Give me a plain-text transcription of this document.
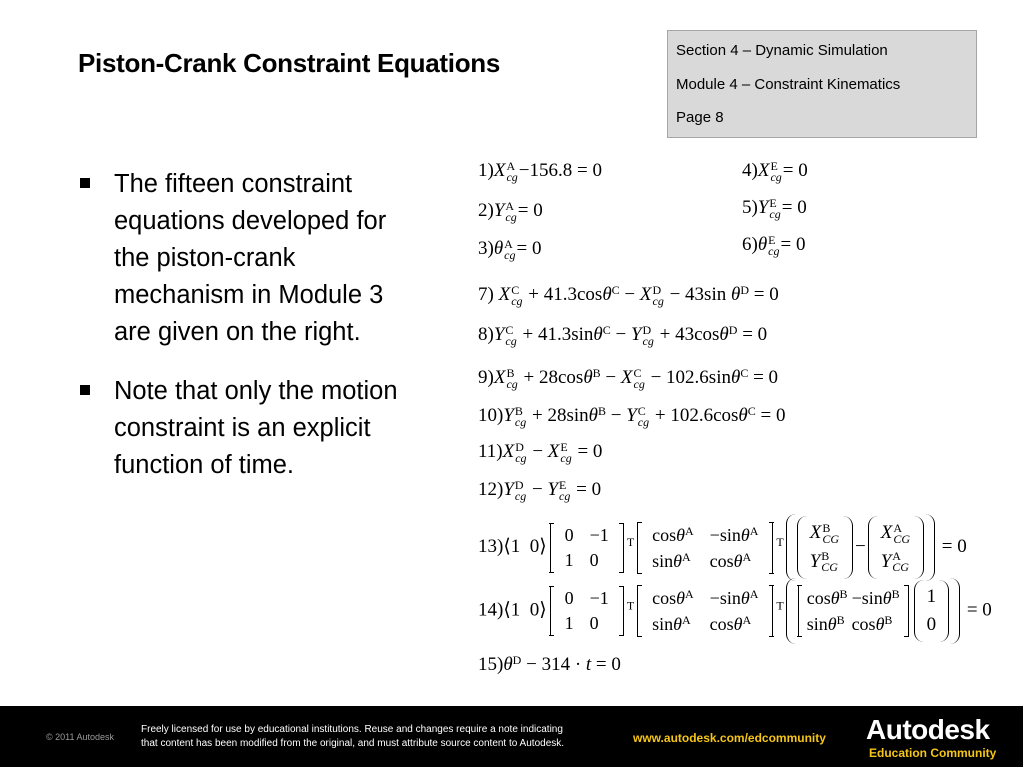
Piston-Crank Constraint Equations	Section 4 – Dynamic Simulation
Module 4 – Constraint Kinematics
Page 8
The fifteen constraint equations developed for the piston-crank mechanism in Module 3 are given on the right.
Note that only the motion constraint is an explicit function of time.
1)X A
cg −156.8 = 0
2)Y A
cg = 0
3)θ A
cg = 0
4)X E
cg = 0
5)Y E
cg = 0
6)θ E
cg = 0
7) X C
cg + 41.3cosθ$^C$ − X D
cg − 43sin $\theta^D = 0$
8)Y C
cg + 41.3sinθ$^C$ − Y D
cg + 43cosθ$^D$ = 0
9)X B
cg + 28cosθ$^B$ − X C
cg − 102.6sinθ$^C$ = 0
10)Y B
cg + 28sinθ$^B$ − Y C
cg + 102.6cosθ$^C$ = 0
11)X D
cg − X E
cg = 0
12)Y D
cg − Y E
cg = 0
13)⟨1  0⟩
0	−1
1	0
$^T$ cosθ$^A$	−sinθ$^A$
sinθ$^A$	cosθ$^A$
$^T$ X B
CG

Y B
CG
−
X A
CG

Y A
CG
= 0
14)⟨1  0⟩
0	−1
1	0
$^T$ cosθ$^A$	−sinθ$^A$
sinθ$^A$	cosθ$^A$
$^T$ cosθ$^B$	−sinθ$^B$
sinθ$^B$	cosθ$^B$
1
0
= 0
$15)\theta^D - 314 \cdot t = 0$
© 2011 Autodesk
Freely licensed for use by educational institutions. Reuse and changes require a note indicating
that content has been modified from the original, and must attribute source content to Autodesk.	www.autodesk.com/edcommunity Autodesk
Education Community
